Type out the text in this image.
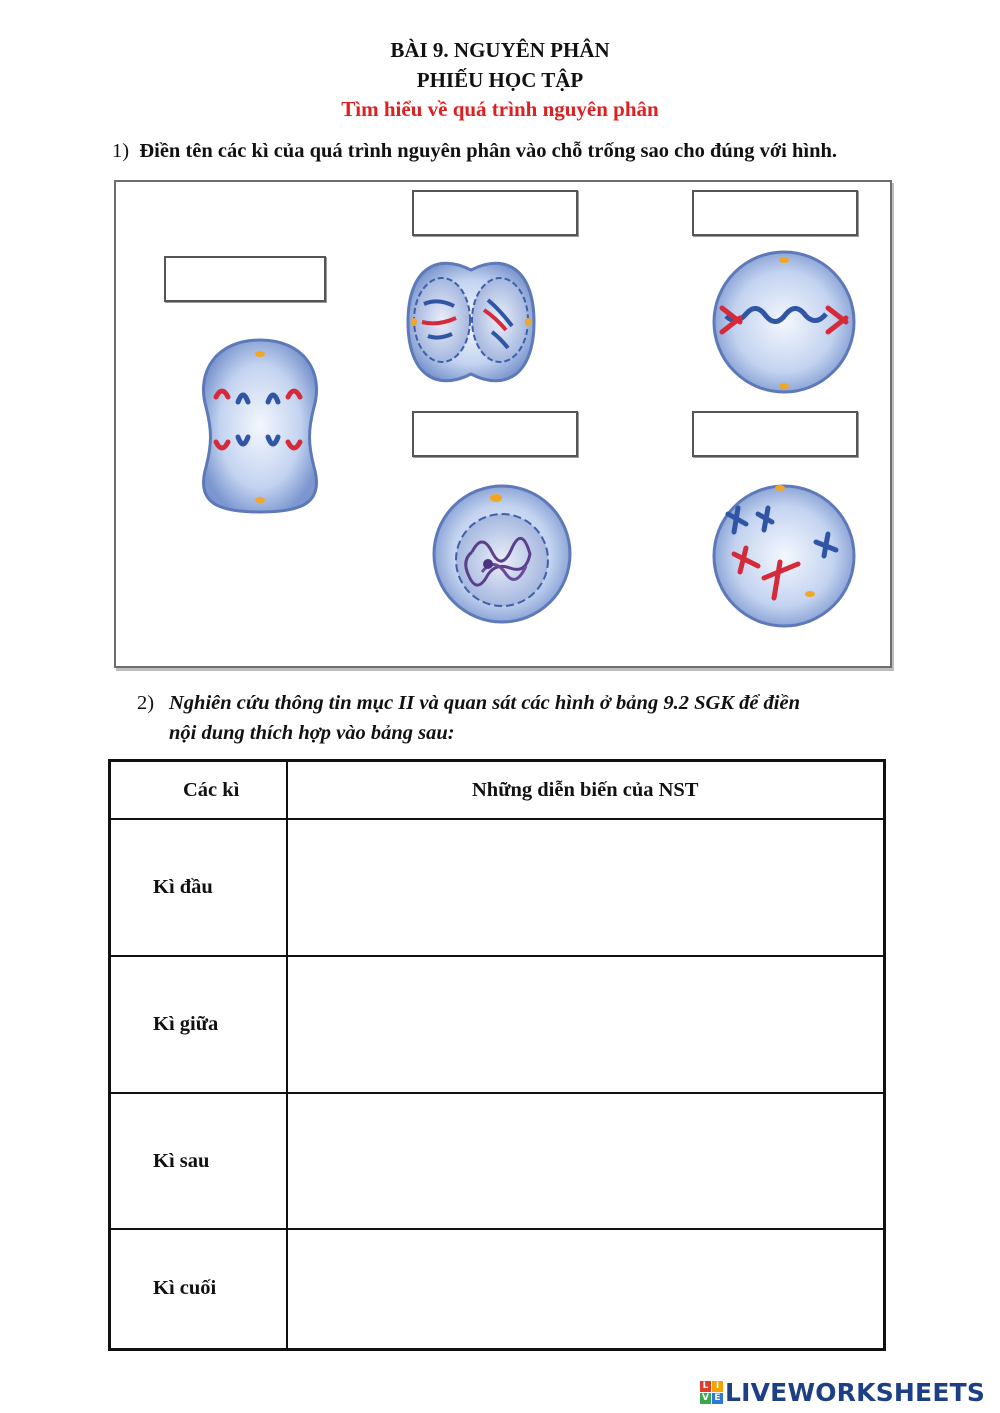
BÀI 9. NGUYÊN PHÂN
PHIẾU HỌC TẬP
Tìm hiểu về quá trình nguyên phân
1) Điền tên các kì của quá trình nguyên phân vào chỗ trống sao cho đúng với hình.
2) Nghiên cứu thông tin mục II và quan sát các hình ở bảng 9.2 SGK để điền
nội dung thích hợp vào bảng sau:
Các kì	Những diễn biến của NST
Kì đầu	
Kì giữa	
Kì sau	
Kì cuối	
L I
V E LIVEWORKSHEETS
